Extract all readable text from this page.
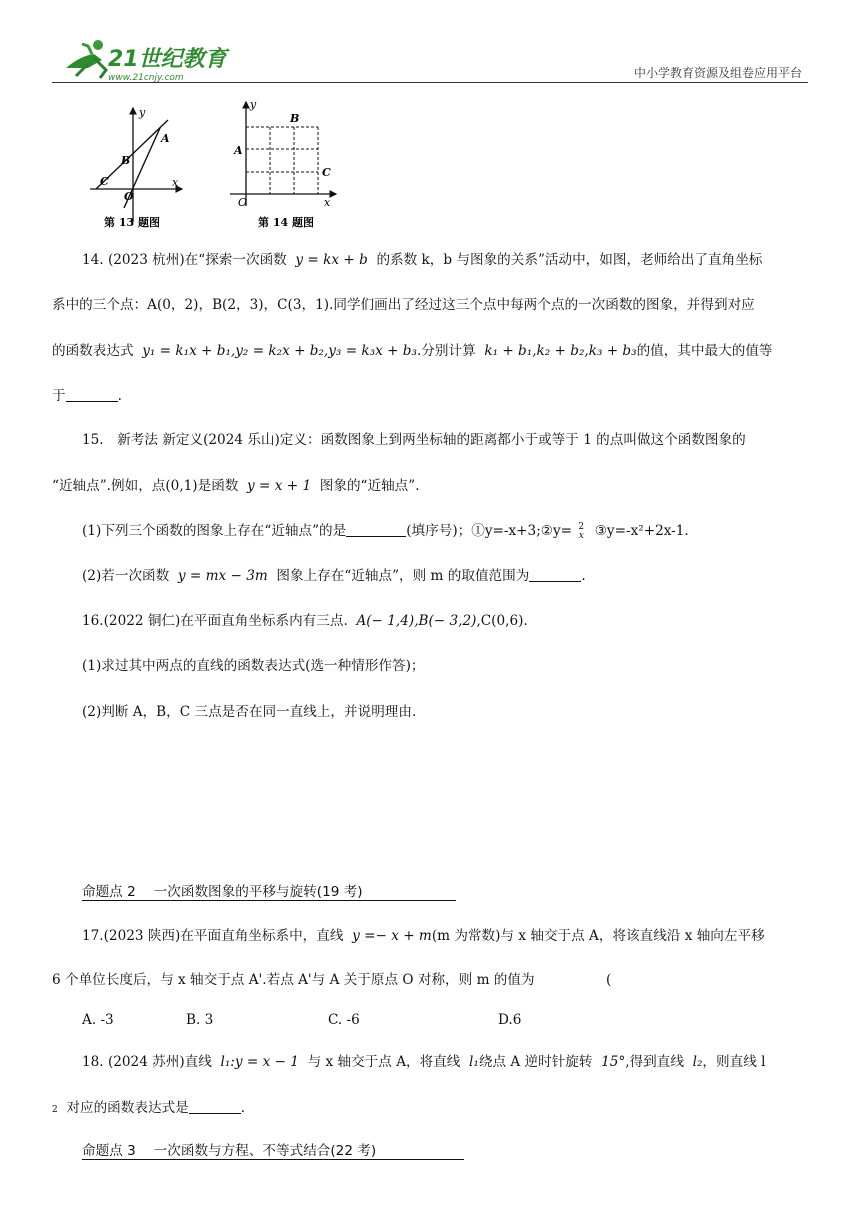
21世纪教育
www.21cnjy.com	中小学教育资源及组卷应用平台
y
x
O
A
B
C
第 13 题图
y
x
O
A
B
C
第 14 题图
14. (2023 杭州)在“探索一次函数 y = kx + b 的系数 k，b 与图象的关系”活动中，如图，老师给出了直角坐标
系中的三个点：A(0，2)，B(2，3)，C(3，1).同学们画出了经过这三个点中每两个点的一次函数的图象，并得到对应
的函数表达式 y₁ = k₁x + b₁,y₂ = k₂x + b₂,y₃ = k₃x + b₃.分别计算 k₁ + b₁,k₂ + b₂,k₃ + b₃的值，其中最大的值等
于	.
15.　新考法 新定义(2024 乐山)定义：函数图象上到两坐标轴的距离都小于或等于 1 的点叫做这个函数图象的
“近轴点”.例如，点(0,1)是函数 y = x + 1 图象的“近轴点”.
(1)下列三个函数的图象上存在“近轴点”的是	(填序号)；①y=-x+3;②y= 2
x ③y=-x²+2x-1.
(2)若一次函数 y = mx − 3m 图象上存在“近轴点”，则 m 的取值范围为	.
16.(2022 铜仁)在平面直角坐标系内有三点. A(− 1,4),B(− 3,2),C(0,6).
(1)求过其中两点的直线的函数表达式(选一种情形作答)；
(2)判断 A，B，C 三点是否在同一直线上，并说明理由.
命题点 2　 一次函数图象的平移与旋转(19 考)
17.(2023 陕西)在平面直角坐标系中，直线 y =− x + m(m 为常数)与 x 轴交于点 A，将该直线沿 x 轴向左平移
6 个单位长度后，与 x 轴交于点 A'.若点 A'与 A 关于原点 O 对称，则 m 的值为	(
A. -3	B. 3	C. -6	D.6
18. (2024 苏州)直线 l₁:y = x − 1 与 x 轴交于点 A，将直线 l₁绕点 A 逆时针旋转 15°,得到直线 l₂，则直线 l
2 对应的函数表达式是	.
命题点 3　 一次函数与方程、不等式结合(22 考)
